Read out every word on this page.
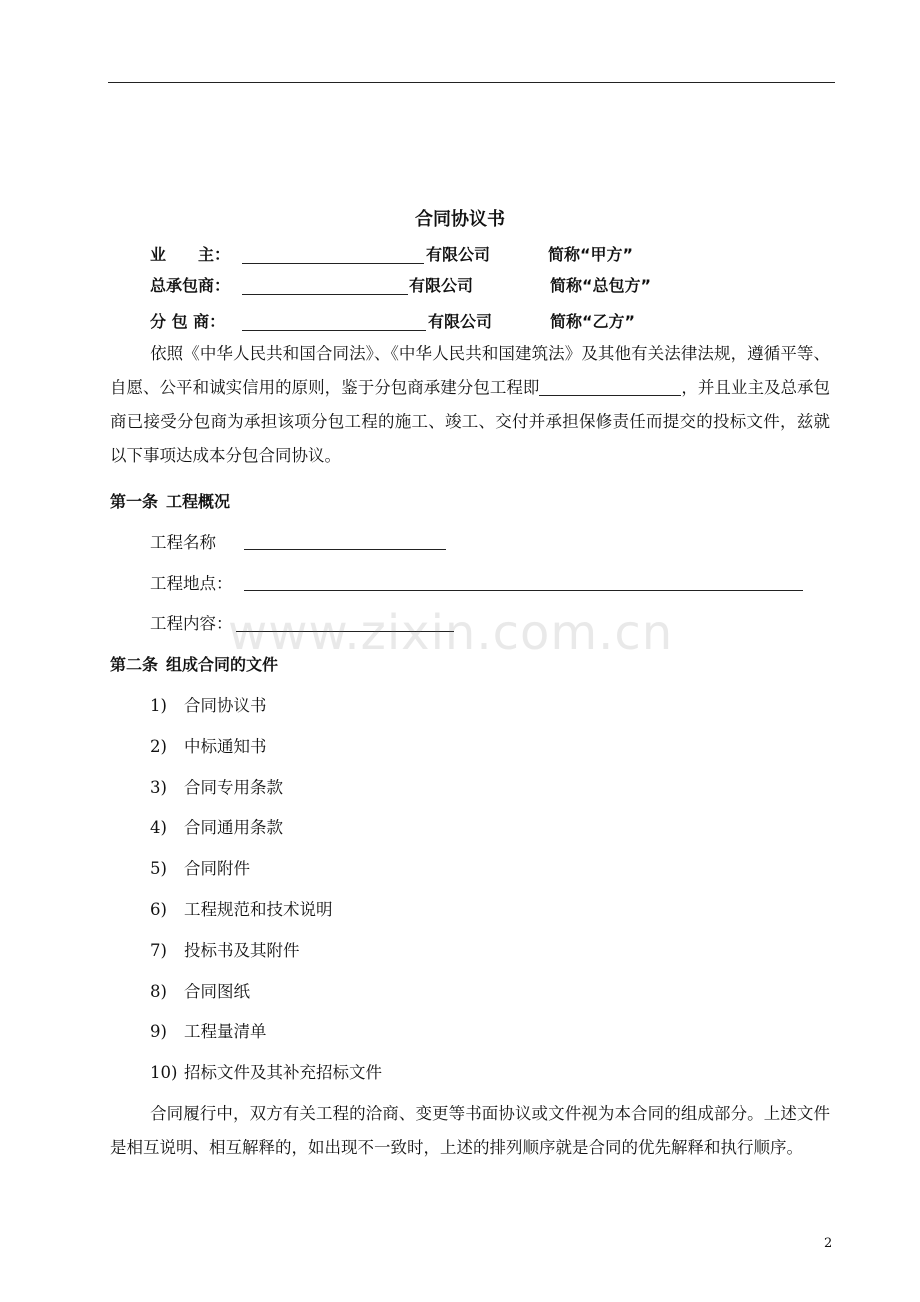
合同协议书
业　　主：	有限公司	简称“甲方”
总承包商：	有限公司	简称“总包方”
分 包 商：	有限公司	简称“乙方”
依照《中华人民共和国合同法》、《中华人民共和国建筑法》及其他有关法律法规，遵循平等、自愿、公平和诚实信用的原则，鉴于分包商承建分包工程即	，并且业主及总承包商已接受分包商为承担该项分包工程的施工、竣工、交付并承担保修责任而提交的投标文件，兹就以下事项达成本分包合同协议。
第一条 工程概况
工程名称
工程地点：
工程内容：
第二条 组成合同的文件
1) 合同协议书
2) 中标通知书
3) 合同专用条款
4) 合同通用条款
5) 合同附件
6) 工程规范和技术说明
7) 投标书及其附件
8) 合同图纸
9) 工程量清单
10) 招标文件及其补充招标文件
合同履行中，双方有关工程的洽商、变更等书面协议或文件视为本合同的组成部分。上述文件是相互说明、相互解释的，如出现不一致时，上述的排列顺序就是合同的优先解释和执行顺序。
www.zixin.com.cn
2
